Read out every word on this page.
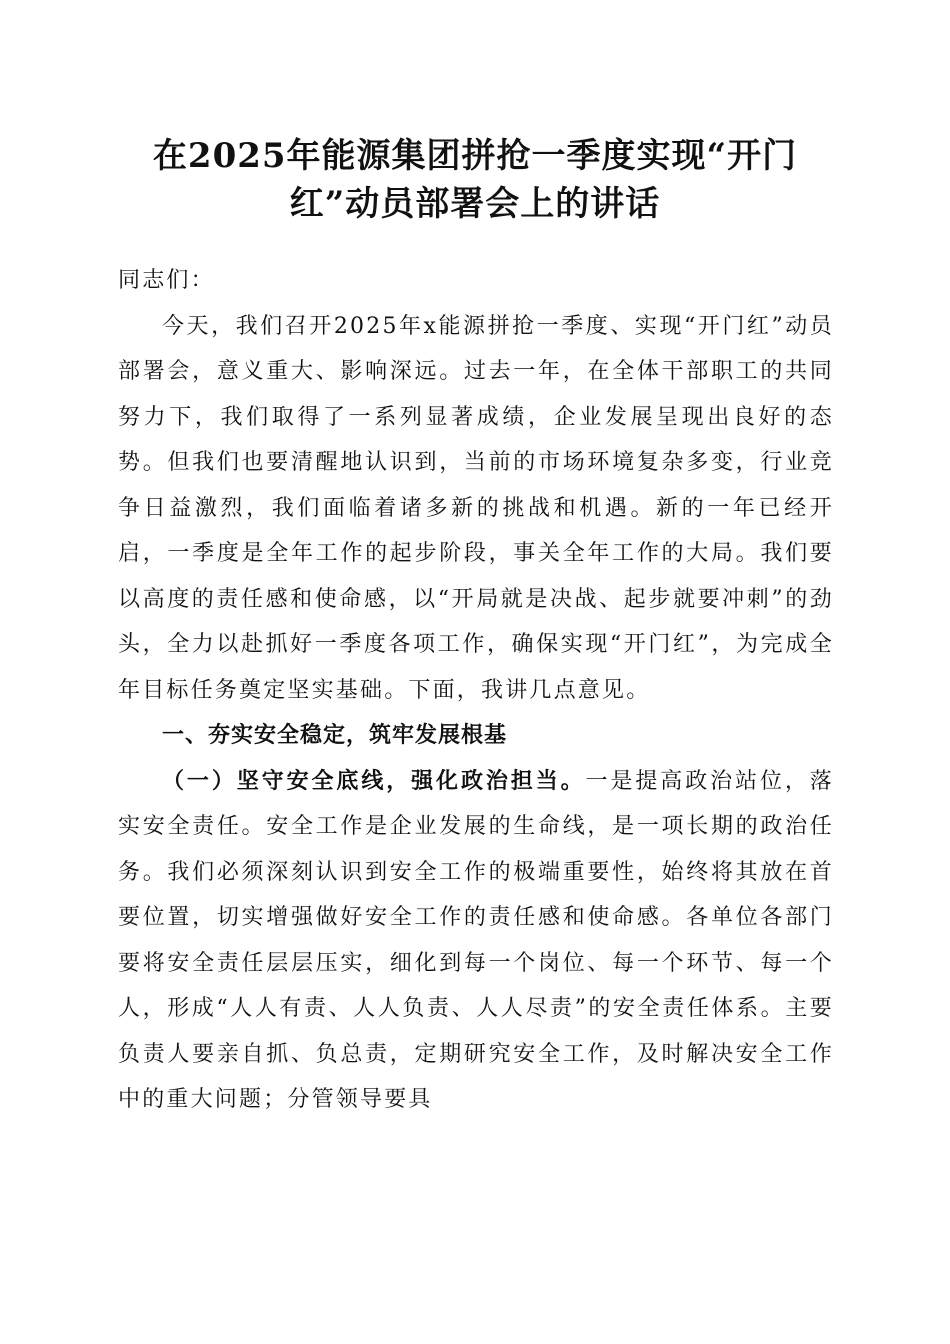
在2025年能源集团拼抢一季度实现“开门
红”动员部署会上的讲话

同志们：

今天，我们召开2025年x能源拼抢一季度、实现“开门红”动员部署会，意义重大、影响深远。过去一年，在全体干部职工的共同努力下，我们取得了一系列显著成绩，企业发展呈现出良好的态势。但我们也要清醒地认识到，当前的市场环境复杂多变，行业竞争日益激烈，我们面临着诸多新的挑战和机遇。新的一年已经开启，一季度是全年工作的起步阶段，事关全年工作的大局。我们要以高度的责任感和使命感，以“开局就是决战、起步就要冲刺”的劲头，全力以赴抓好一季度各项工作，确保实现“开门红”，为完成全年目标任务奠定坚实基础。下面，我讲几点意见。

一、夯实安全稳定，筑牢发展根基

（一）坚守安全底线，强化政治担当。一是提高政治站位，落实安全责任。安全工作是企业发展的生命线，是一项长期的政治任务。我们必须深刻认识到安全工作的极端重要性，始终将其放在首要位置，切实增强做好安全工作的责任感和使命感。各单位各部门要将安全责任层层压实，细化到每一个岗位、每一个环节、每一个人，形成“人人有责、人人负责、人人尽责”的安全责任体系。主要负责人要亲自抓、负总责，定期研究安全工作，及时解决安全工作中的重大问题；分管领导要具
